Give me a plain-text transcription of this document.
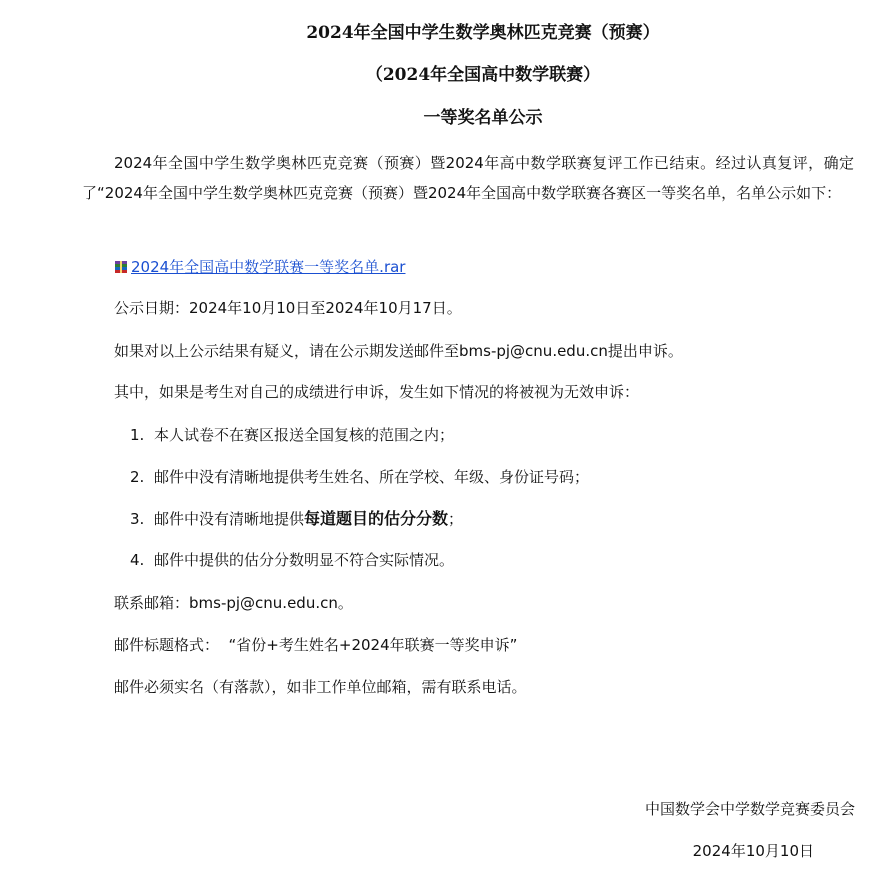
2024年全国中学生数学奥林匹克竞赛（预赛）
（2024年全国高中数学联赛）
一等奖名单公示
2024年全国中学生数学奥林匹克竞赛（预赛）暨2024年高中数学联赛复评工作已结束。经过认真复评，确定了“2024年全国中学生数学奥林匹克竞赛（预赛）暨2024年全国高中数学联赛各赛区一等奖名单，名单公示如下：
2024年全国高中数学联赛一等奖名单.rar
公示日期：2024年10月10日至2024年10月17日。
如果对以上公示结果有疑义，请在公示期发送邮件至bms-pj@cnu.edu.cn提出申诉。
其中，如果是考生对自己的成绩进行申诉，发生如下情况的将被视为无效申诉：
1. 本人试卷不在赛区报送全国复核的范围之内；
2. 邮件中没有清晰地提供考生姓名、所在学校、年级、身份证号码；
3. 邮件中没有清晰地提供每道题目的估分分数；
4. 邮件中提供的估分分数明显不符合实际情况。
联系邮箱：bms-pj@cnu.edu.cn。
邮件标题格式：  “省份+考生姓名+2024年联赛一等奖申诉”
邮件必须实名（有落款），如非工作单位邮箱，需有联系电话。
中国数学会中学数学竞赛委员会
2024年10月10日
